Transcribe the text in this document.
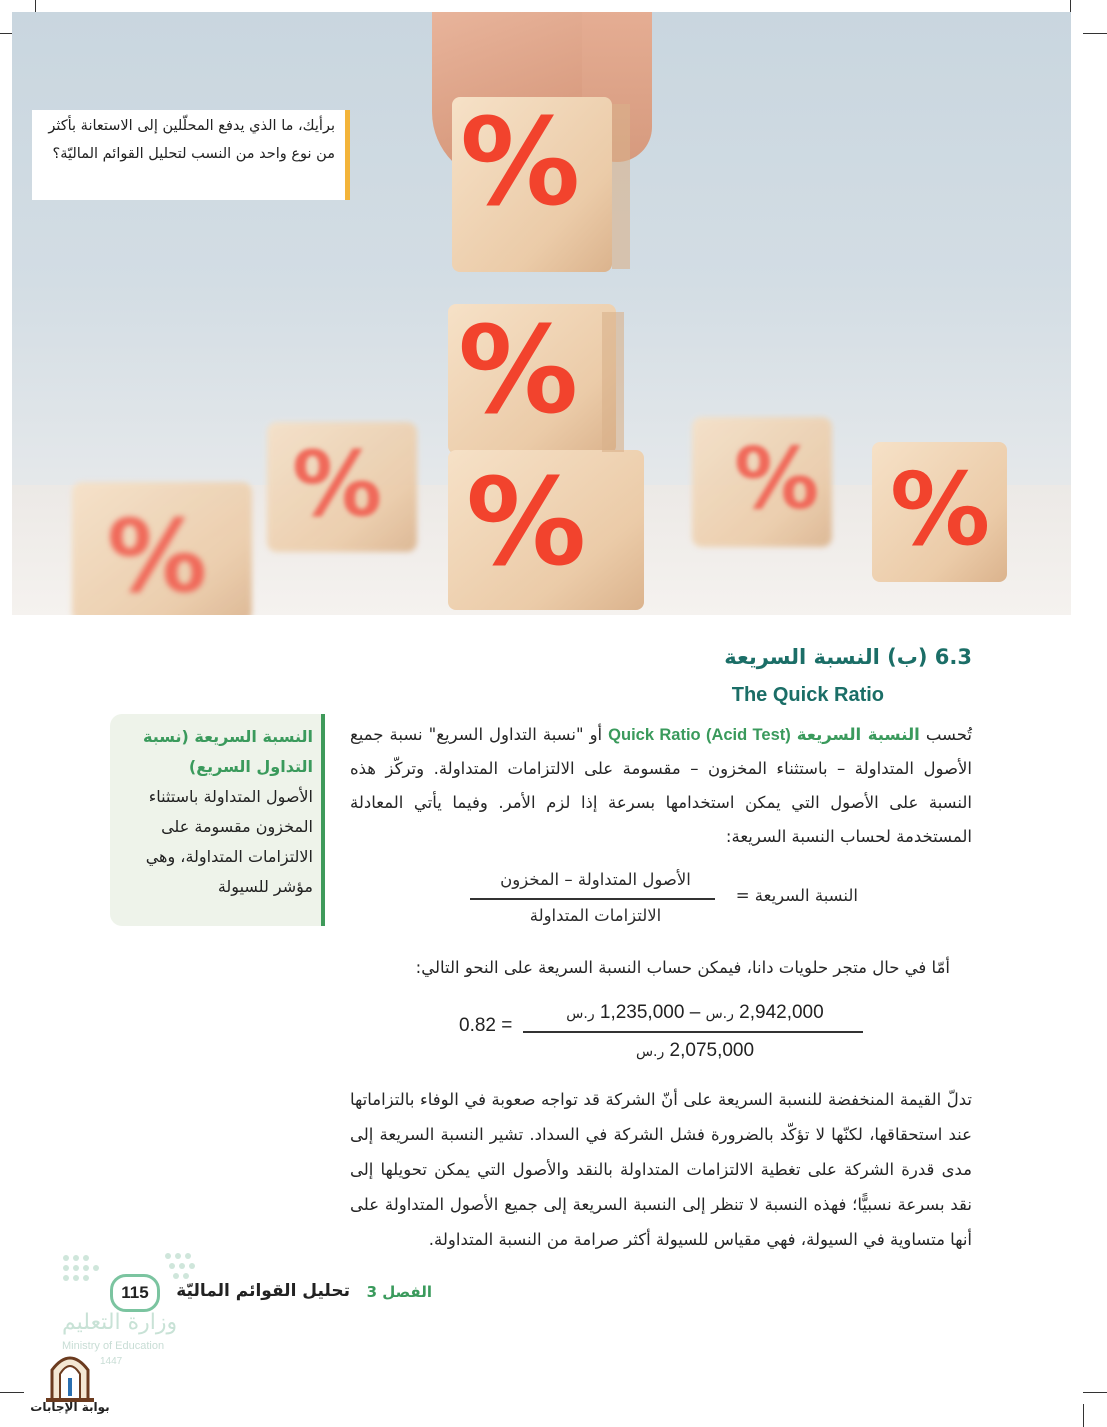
%
%
%	%
%	%
%
برأيك، ما الذي يدفع المحلّلين إلى الاستعانة بأكثر من نوع واحد من النسب لتحليل القوائم الماليّة؟
6.3 (ب) النسبة السريعة
The Quick Ratio
تُحسب النسبة السريعة Quick Ratio (Acid Test) أو "نسبة التداول السريع" نسبة جميع الأصول المتداولة – باستثناء المخزون – مقسومة على الالتزامات المتداولة. وتركّز هذه النسبة على الأصول التي يمكن استخدامها بسرعة إذا لزم الأمر. وفيما يأتي المعادلة المستخدمة لحساب النسبة السريعة:
النسبة السريعة (نسبة التداول السريع)
الأصول المتداولة باستثناء المخزون مقسومة على الالتزامات المتداولة، وهي مؤشر للسيولة	النسبة السريعة =
الأصول المتداولة – المخزون
الالتزامات المتداولة
أمّا في حال متجر حلويات دانا، فيمكن حساب النسبة السريعة على النحو التالي:
0.82 =
2,942,000 ر.س – 1,235,000 ر.س
2,075,000 ر.س
تدلّ القيمة المنخفضة للنسبة السريعة على أنّ الشركة قد تواجه صعوبة في الوفاء بالتزاماتها عند استحقاقها، لكنّها لا تؤكّد بالضرورة فشل الشركة في السداد. تشير النسبة السريعة إلى مدى قدرة الشركة على تغطية الالتزامات المتداولة بالنقد والأصول التي يمكن تحويلها إلى نقد بسرعة نسبيًّا؛ فهذه النسبة لا تنظر إلى النسبة السريعة إلى جميع الأصول المتداولة على أنها متساوية في السيولة، فهي مقياس للسيولة أكثر صرامة من النسبة المتداولة.
الفصل 3
تحليل القوائم الماليّة
115
وزارة التعليم
Ministry of Education
1447
بوابة الإجابات
